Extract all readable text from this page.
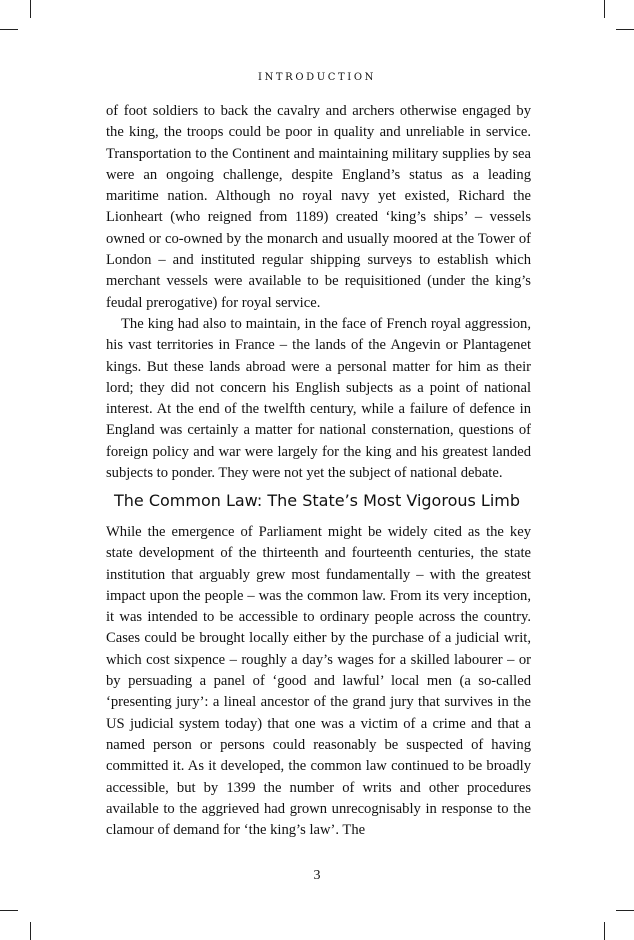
INTRODUCTION

of foot soldiers to back the cavalry and archers otherwise engaged by the king, the troops could be poor in quality and unreliable in service. Transportation to the Continent and maintaining military supplies by sea were an ongoing challenge, despite England’s status as a leading maritime nation. Although no royal navy yet existed, Richard the Lionheart (who reigned from 1189) created ‘king’s ships’ – vessels owned or co-owned by the monarch and usually moored at the Tower of London – and instituted regular shipping surveys to establish which merchant vessels were available to be requisitioned (under the king’s feudal prerogative) for royal service.

The king had also to maintain, in the face of French royal aggression, his vast territories in France – the lands of the Angevin or Plantagenet kings. But these lands abroad were a personal matter for him as their lord; they did not concern his English subjects as a point of national interest. At the end of the twelfth century, while a failure of defence in England was certainly a matter for national consternation, questions of foreign policy and war were largely for the king and his greatest landed subjects to ponder. They were not yet the subject of national debate.

The Common Law: The State’s Most Vigorous Limb

While the emergence of Parliament might be widely cited as the key state development of the thirteenth and fourteenth centuries, the state institution that arguably grew most fundamentally – with the greatest impact upon the people – was the common law. From its very inception, it was intended to be accessible to ordinary people across the country. Cases could be brought locally either by the purchase of a judicial writ, which cost sixpence – roughly a day’s wages for a skilled labourer – or by persuading a panel of ‘good and lawful’ local men (a so-called ‘presenting jury’: a lineal ancestor of the grand jury that survives in the US judicial system today) that one was a victim of a crime and that a named person or persons could reasonably be suspected of having committed it. As it developed, the common law continued to be broadly accessible, but by 1399 the number of writs and other procedures available to the aggrieved had grown unrecognisably in response to the clamour of demand for ‘the king’s law’. The

3
